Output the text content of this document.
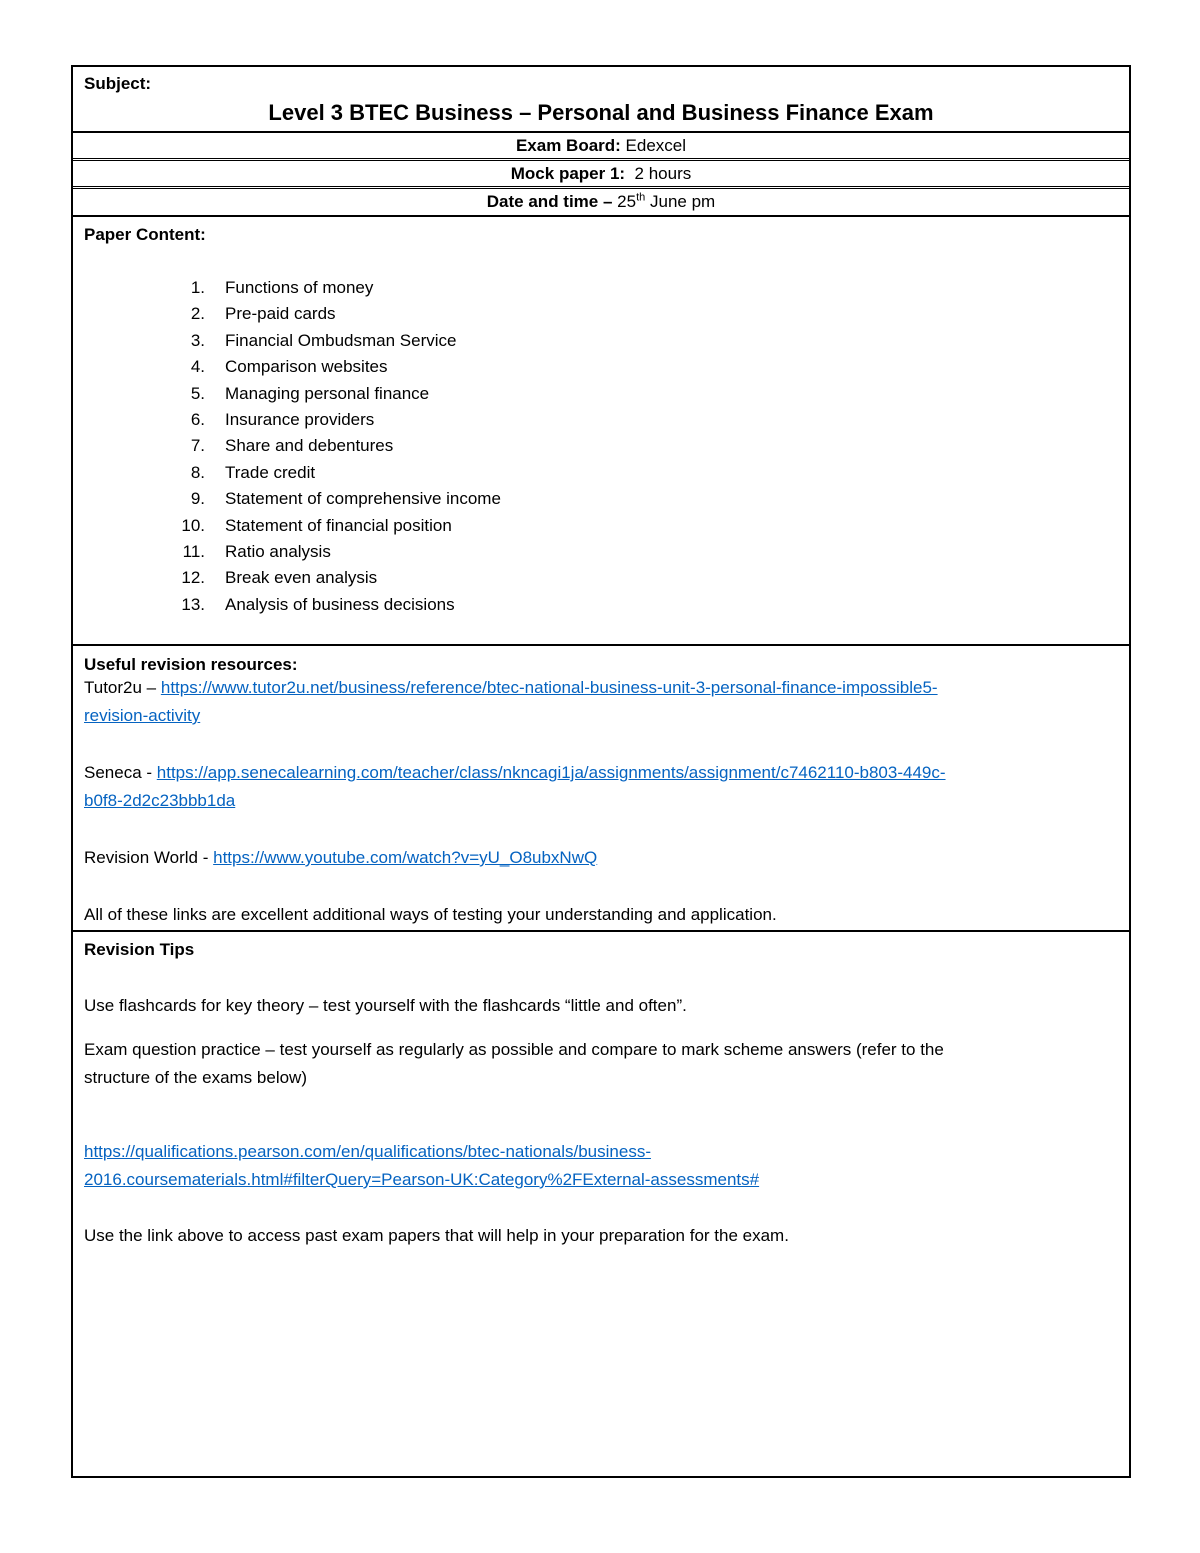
Subject:
Level 3 BTEC Business – Personal and Business Finance Exam
Exam Board: Edexcel
Mock paper 1:  2 hours
Date and time – 25th June pm
Paper Content:
1.	Functions of money
2.	Pre-paid cards
3.	Financial Ombudsman Service
4.	Comparison websites
5.	Managing personal finance
6.	Insurance providers
7.	Share and debentures
8.	Trade credit
9.	Statement of comprehensive income
10.	Statement of financial position
11.	Ratio analysis
12.	Break even analysis
13.	Analysis of business decisions
Useful revision resources:
Tutor2u – https://www.tutor2u.net/business/reference/btec-national-business-unit-3-personal-finance-impossible5-
revision-activity
Seneca - https://app.senecalearning.com/teacher/class/nkncagi1ja/assignments/assignment/c7462110-b803-449c-
b0f8-2d2c23bbb1da
Revision World - https://www.youtube.com/watch?v=yU_O8ubxNwQ
All of these links are excellent additional ways of testing your understanding and application.
Revision Tips
Use flashcards for key theory – test yourself with the flashcards “little and often”.
Exam question practice – test yourself as regularly as possible and compare to mark scheme answers (refer to the
structure of the exams below)
https://qualifications.pearson.com/en/qualifications/btec-nationals/business-
2016.coursematerials.html#filterQuery=Pearson-UK:Category%2FExternal-assessments#
Use the link above to access past exam papers that will help in your preparation for the exam.
